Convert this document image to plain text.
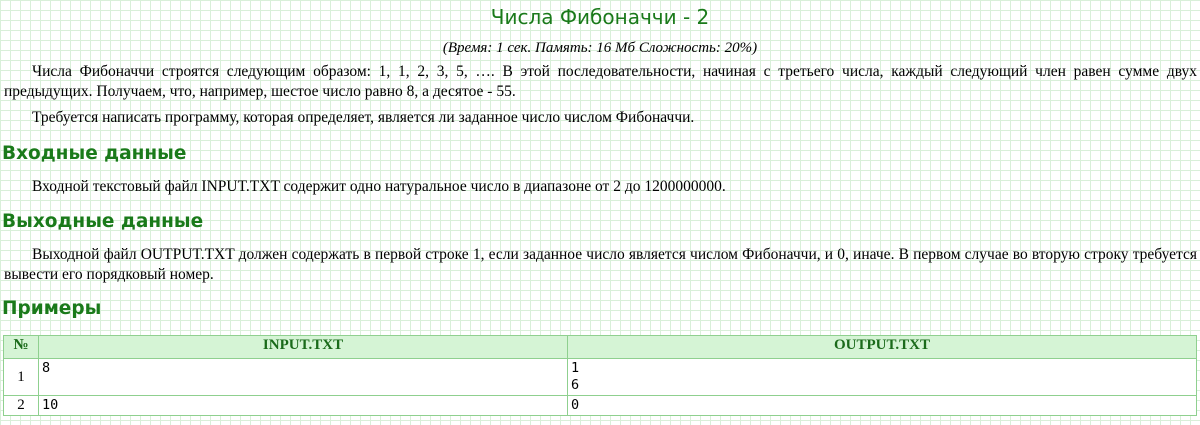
Числа Фибоначчи - 2
(Время: 1 сек. Память: 16 Мб Сложность: 20%)

Числа Фибоначчи строятся следующим образом: 1, 1, 2, 3, 5, …. В этой последовательности, начиная с третьего числа, каждый следующий член равен сумме двух предыдущих. Получаем, что, например, шестое число равно 8, а десятое - 55.

Требуется написать программу, которая определяет, является ли заданное число числом Фибоначчи.

Входные данные

Входной текстовый файл INPUT.TXT содержит одно натуральное число в диапазоне от 2 до 1200000000.

Выходные данные

Выходной файл OUTPUT.TXT должен содержать в первой строке 1, если заданное число является числом Фибоначчи, и 0, иначе. В первом случае во вторую строку требуется вывести его порядковый номер.

Примеры
№	INPUT.TXT	OUTPUT.TXT
1	8	1
6

2	10	0
